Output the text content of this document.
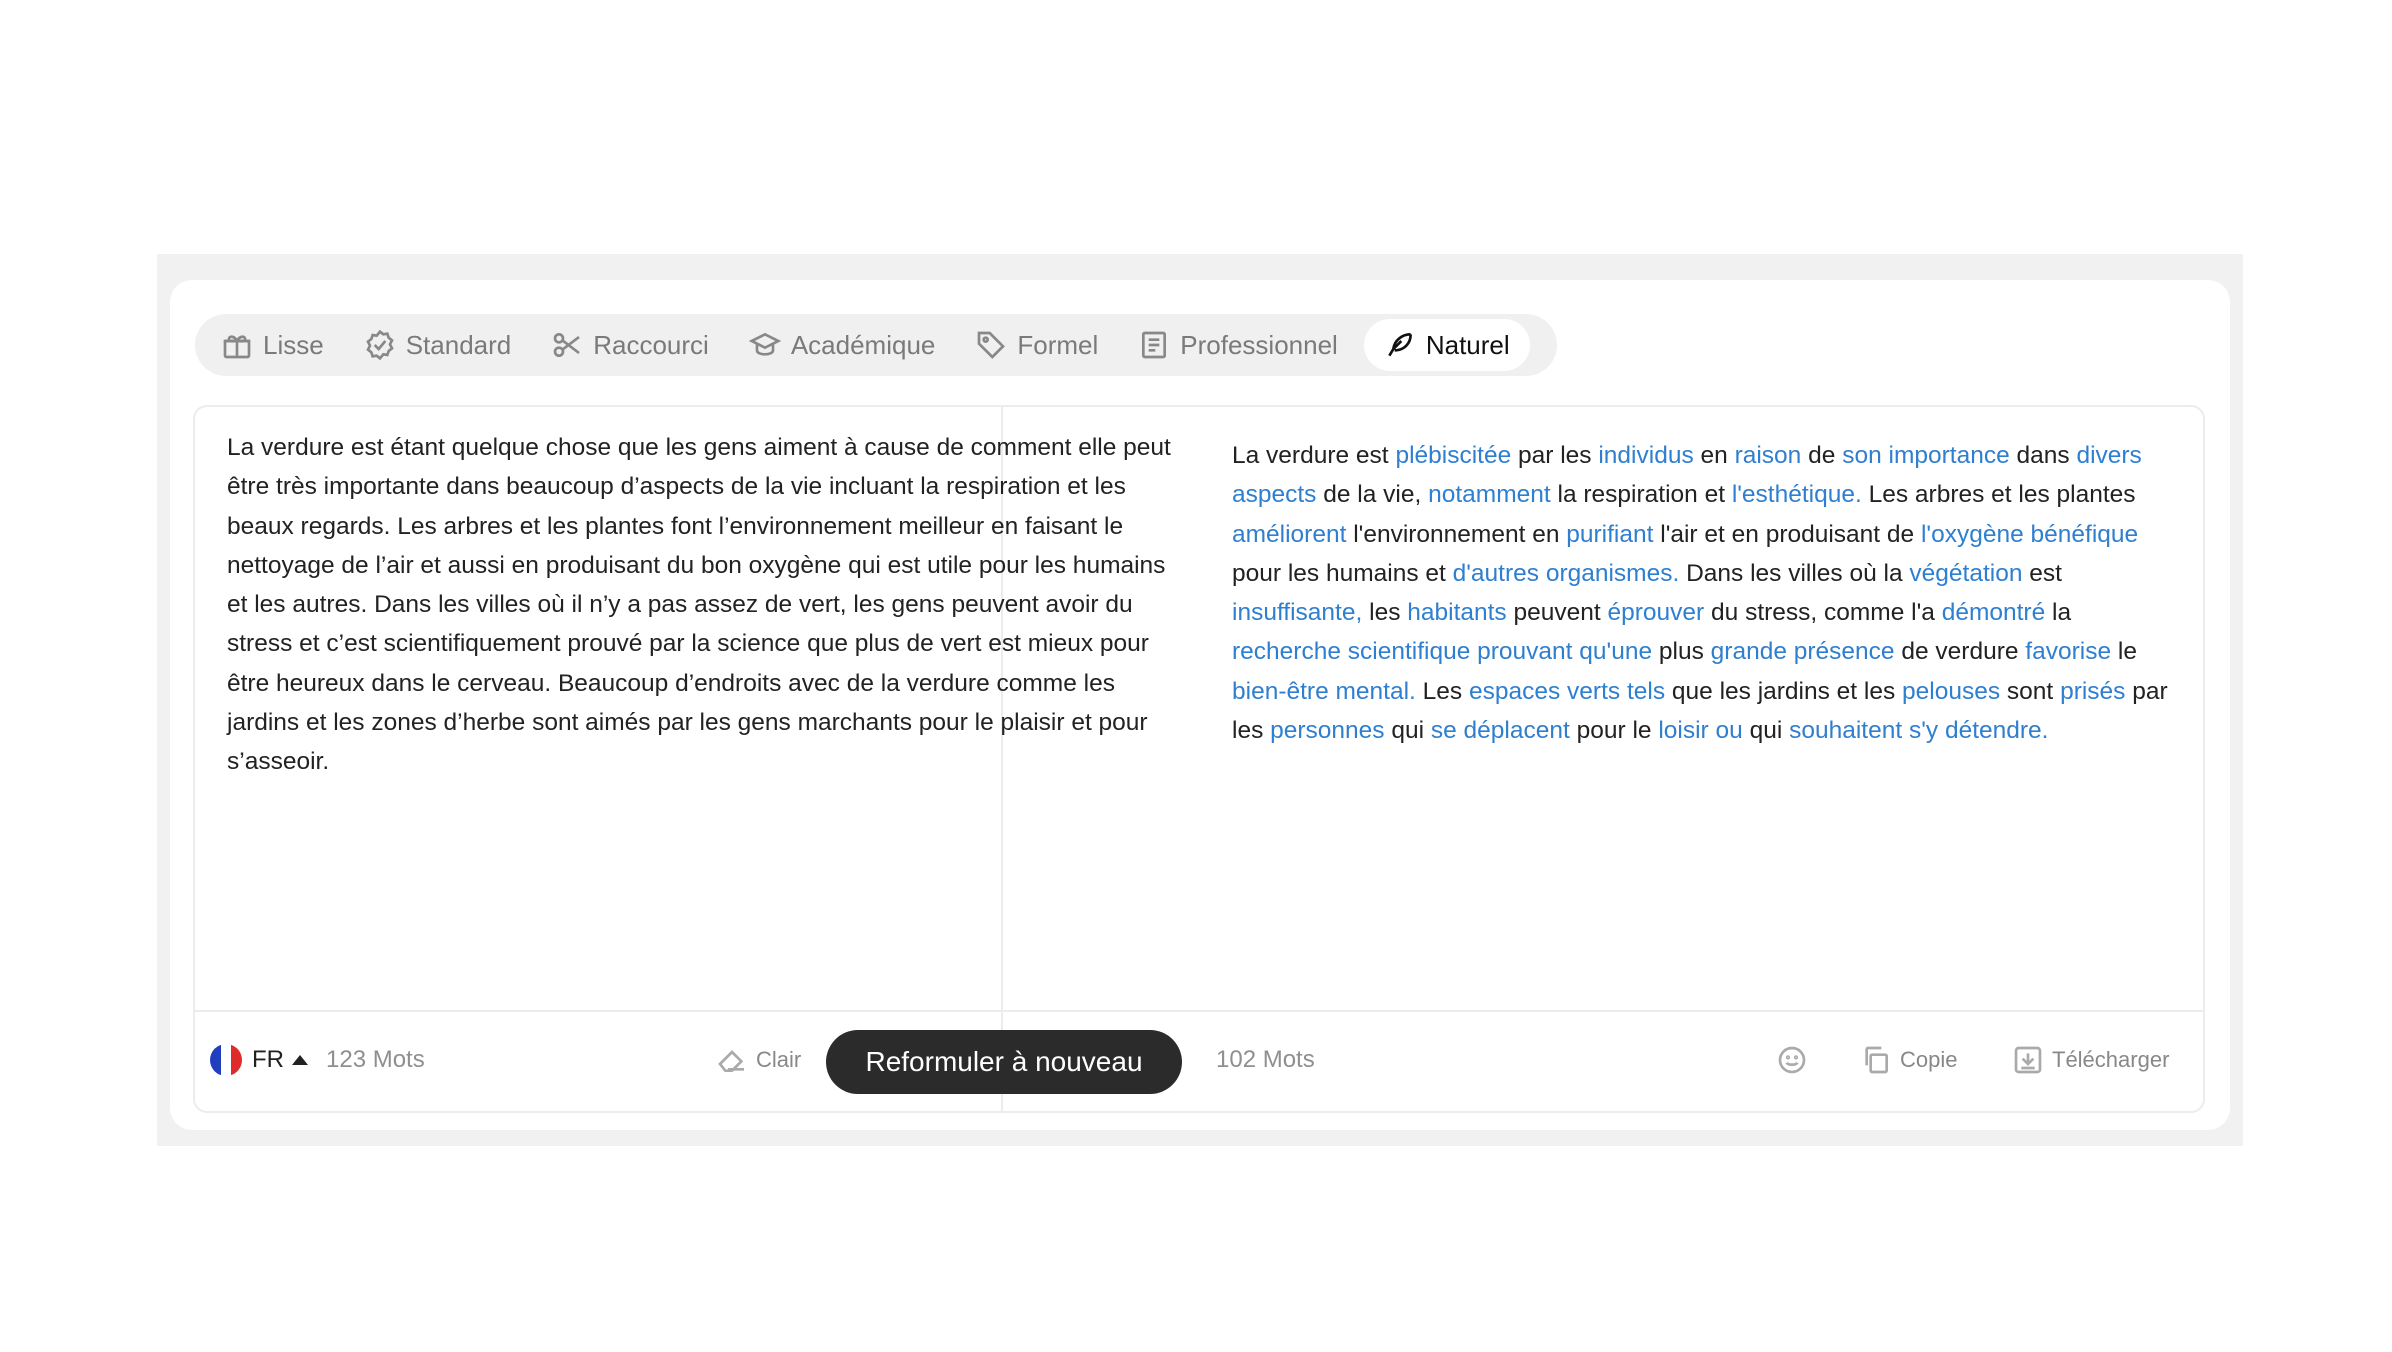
Lisse	Standard	Raccourci	Académique	Formel	Professionnel	Naturel
La verdure est étant quelque chose que les gens aiment à cause de comment elle peut être très importante dans beaucoup d’aspects de la vie incluant la respiration et les beaux regards. Les arbres et les plantes font l’environnement meilleur en faisant le nettoyage de l’air et aussi en produisant du bon oxygène qui est utile pour les humains et les autres. Dans les villes où il n’y a pas assez de vert, les gens peuvent avoir du stress et c’est scientifiquement prouvé par la science que plus de vert est mieux pour être heureux dans le cerveau. Beaucoup d’endroits avec de la verdure comme les jardins et les zones d’herbe sont aimés par les gens marchants pour le plaisir et pour s’asseoir.
La verdure est plébiscitée par les individus en raison de son importance dans divers aspects de la vie, notamment la respiration et l'esthétique. Les arbres et les plantes améliorent l'environnement en purifiant l'air et en produisant de l'oxygène bénéfique pour les humains et d'autres organismes. Dans les villes où la végétation est insuffisante, les habitants peuvent éprouver du stress, comme l'a démontré la recherche scientifique prouvant qu'une plus grande présence de verdure favorise le bien-être mental. Les espaces verts tels que les jardins et les pelouses sont prisés par les personnes qui se déplacent pour le loisir ou qui souhaitent s'y détendre.
FR 123 Mots	Clair	Reformuler à nouveau	102 Mots	Copie	Télécharger
